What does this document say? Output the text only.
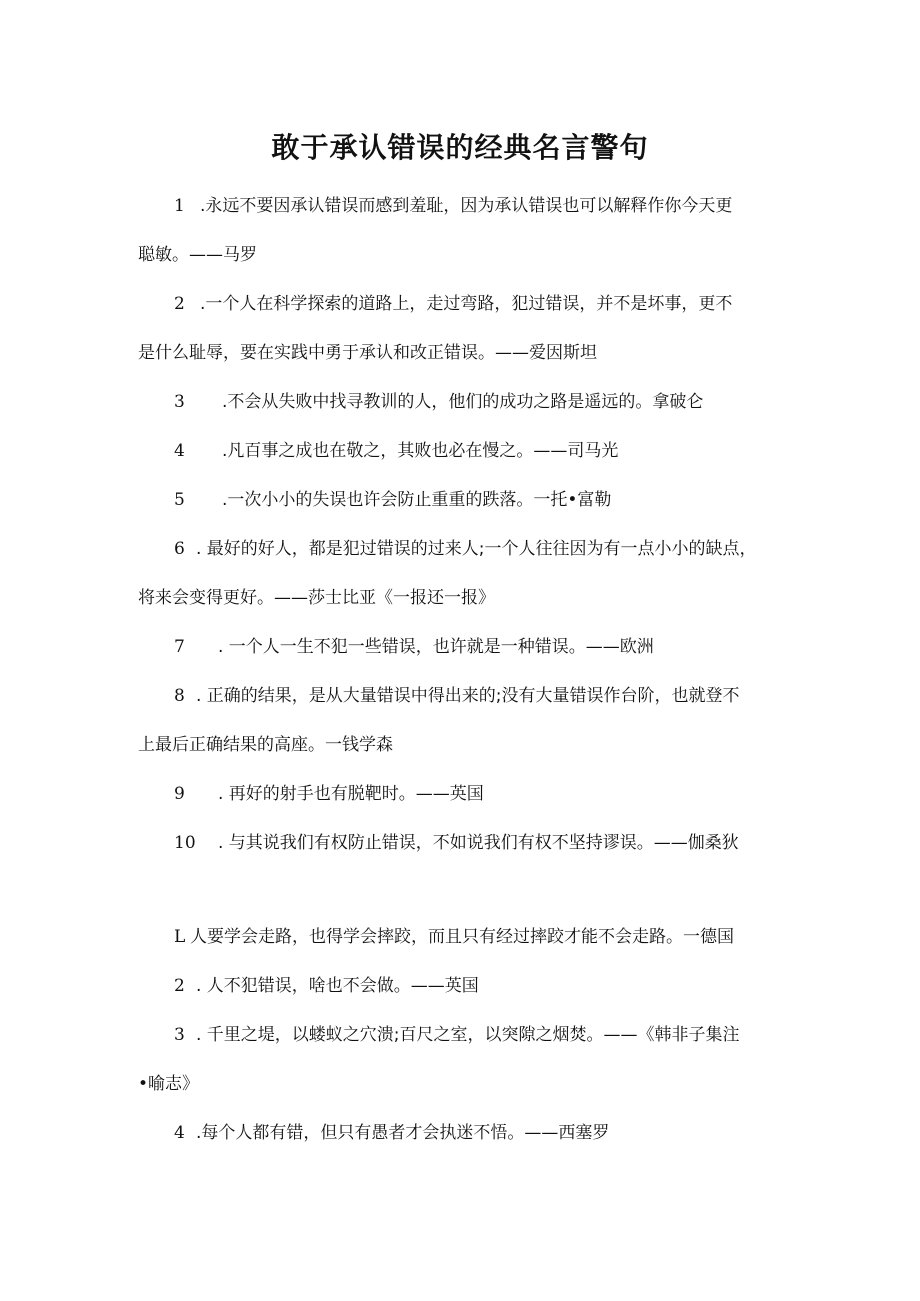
敢于承认错误的经典名言警句
1 .永远不要因承认错误而感到羞耻，因为承认错误也可以解释作你今天更
聪敏。——马罗
2 .一个人在科学探索的道路上，走过弯路，犯过错误，并不是坏事，更不
是什么耻辱，要在实践中勇于承认和改正错误。——爱因斯坦
3 .不会从失败中找寻教训的人，他们的成功之路是遥远的。拿破仑
4 .凡百事之成也在敬之，其败也必在慢之。——司马光
5 .一次小小的失误也许会防止重重的跌落。一托•富勒
6 . 最好的好人，都是犯过错误的过来人;一个人往往因为有一点小小的缺点，
将来会变得更好。——莎士比亚《一报还一报》
7 . 一个人一生不犯一些错误，也许就是一种错误。——欧洲
8 . 正确的结果，是从大量错误中得出来的;没有大量错误作台阶，也就登不
上最后正确结果的高座。一钱学森
9 . 再好的射手也有脱靶时。——英国
10 . 与其说我们有权防止错误，不如说我们有权不坚持谬误。——伽桑狄
L 人要学会走路，也得学会摔跤，而且只有经过摔跤才能不会走路。一德国
2 . 人不犯错误，啥也不会做。——英国
3 . 千里之堤，以蝼蚁之穴溃;百尺之室，以突隙之烟焚。——《韩非子集注
•喻志》
4 .每个人都有错，但只有愚者才会执迷不悟。——西塞罗
